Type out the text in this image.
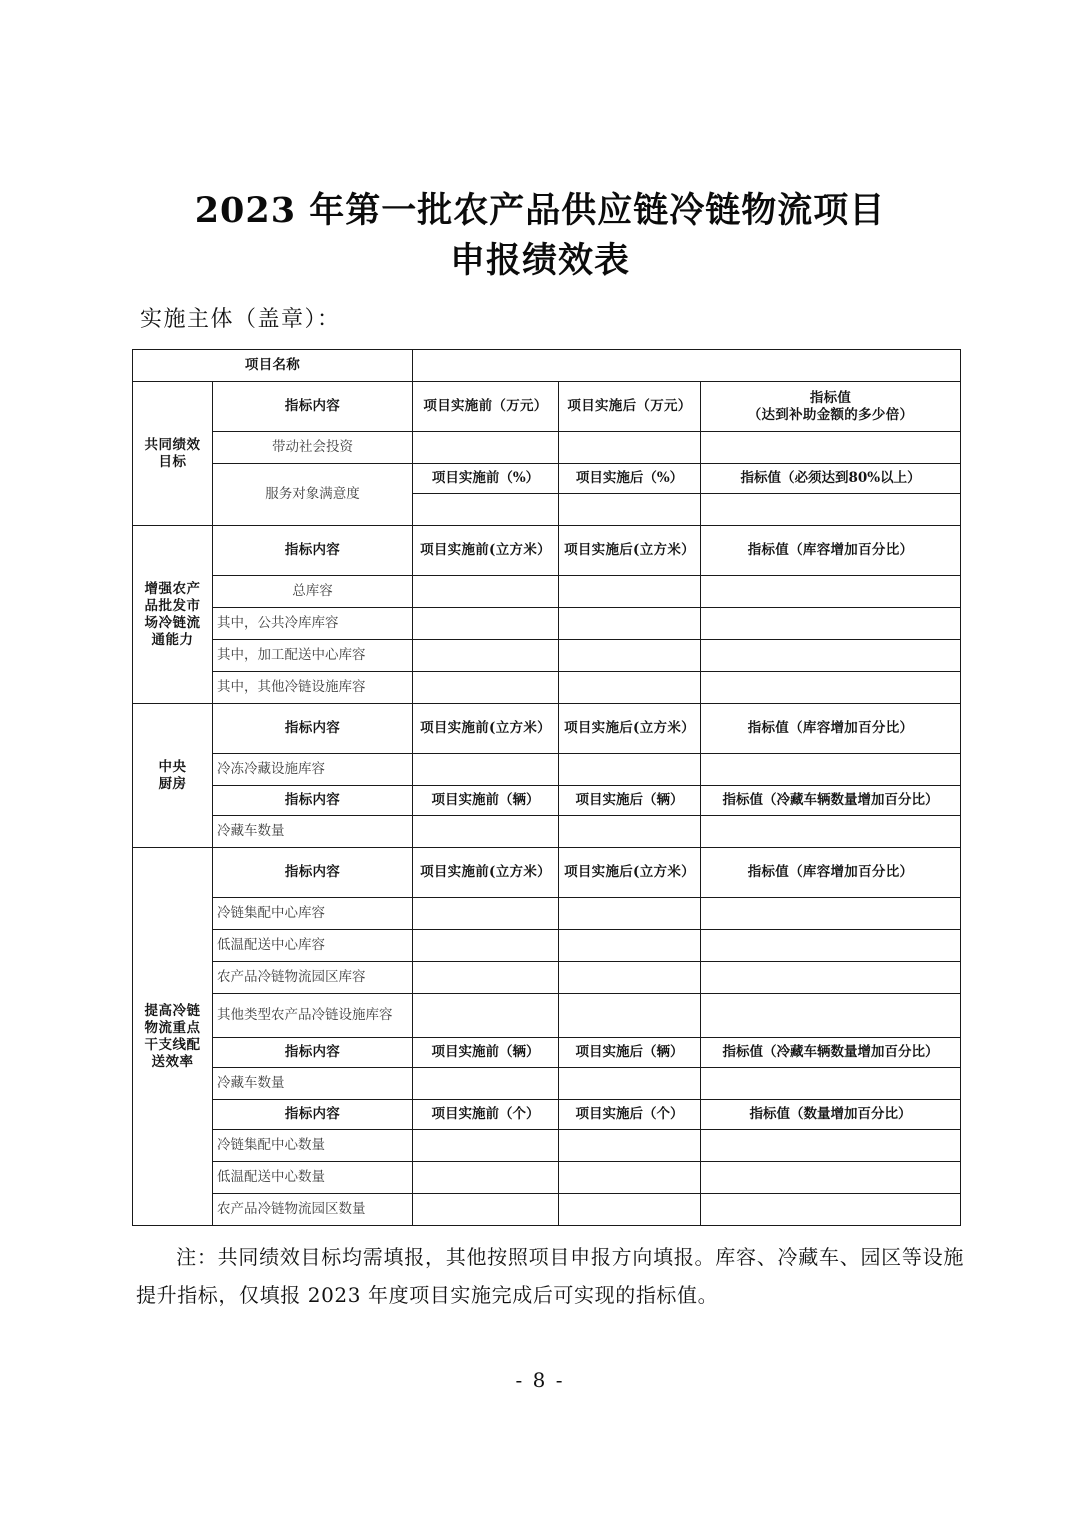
2023 年第一批农产品供应链冷链物流项目
申报绩效表
实施主体（盖章）：
项目名称				
共同绩效
目标	指标内容	项目实施前（万元）	项目实施后（万元）	指标值
（达到补助金额的多少倍）
	带动社会投资			
	服务对象满意度	项目实施前（%）	项目实施后（%）	指标值（必须达到80%以上）

增强农产
品批发市
场冷链流
通能力	指标内容	项目实施前(立方米）	项目实施后(立方米）	指标值（库容增加百分比）
	总库容			
	其中，公共冷库库容			
	其中，加工配送中心库容			
	其中，其他冷链设施库容			
中央
厨房	指标内容	项目实施前(立方米）	项目实施后(立方米）	指标值（库容增加百分比）
	冷冻冷藏设施库容			
	指标内容	项目实施前（辆）	项目实施后（辆）	指标值（冷藏车辆数量增加百分比）
	冷藏车数量			
提高冷链
物流重点
干支线配
送效率	指标内容	项目实施前(立方米）	项目实施后(立方米）	指标值（库容增加百分比）
	冷链集配中心库容			
	低温配送中心库容			
	农产品冷链物流园区库容			
	其他类型农产品冷链设施库容			
	指标内容	项目实施前（辆）	项目实施后（辆）	指标值（冷藏车辆数量增加百分比）
	冷藏车数量			
	指标内容	项目实施前（个）	项目实施后（个）	指标值（数量增加百分比）
	冷链集配中心数量			
	低温配送中心数量			
	农产品冷链物流园区数量			
注：共同绩效目标均需填报，其他按照项目申报方向填报。库容、冷藏车、园区等设施提升指标，仅填报 2023 年度项目实施完成后可实现的指标值。
- 8 -
